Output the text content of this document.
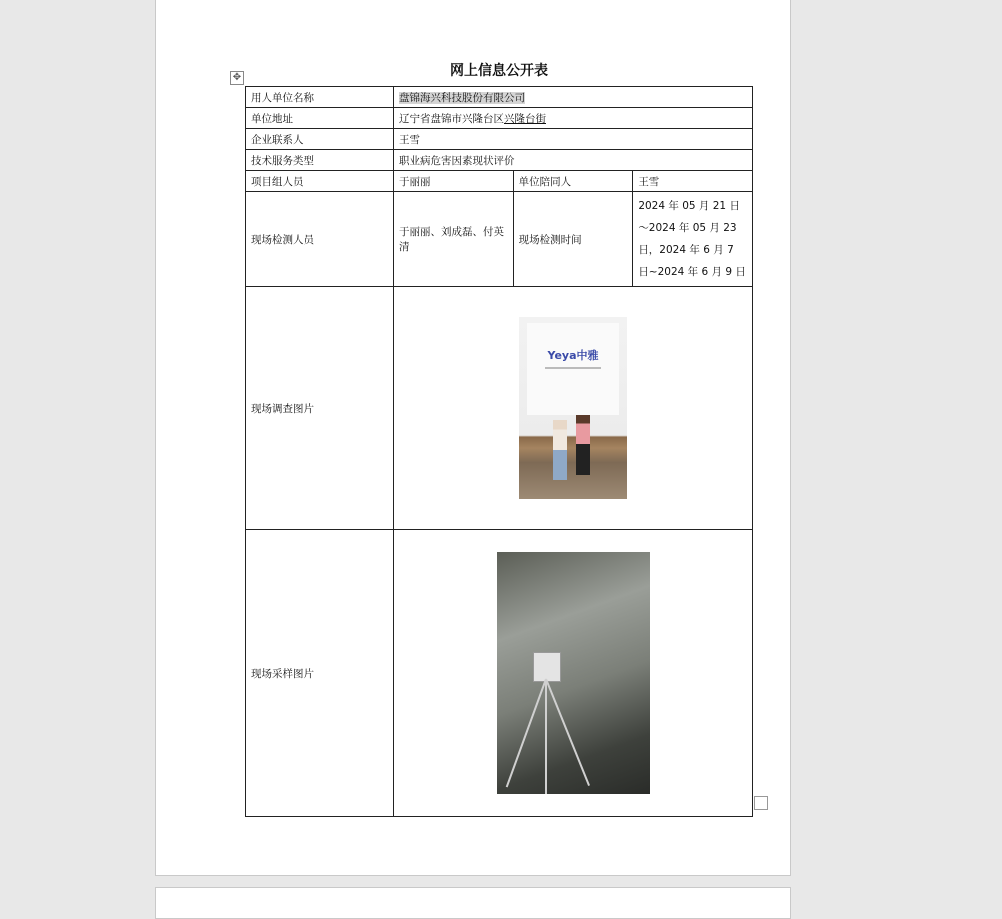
网上信息公开表
✥
用人单位名称	盘锦海兴科技股份有限公司		
单位地址	辽宁省盘锦市兴隆台区兴隆台街		
企业联系人	王雪		
技术服务类型	职业病危害因素现状评价		
项目组人员	于丽丽	单位陪同人	王雪
现场检测人员	于丽丽、刘成磊、付英清	现场检测时间	2024 年 05 月 21 日～2024 年 05 月 23 日，2024 年 6 月 7 日~2024 年 6 月 9 日
现场调查图片	Yeya中雅		

现场采样图片			
